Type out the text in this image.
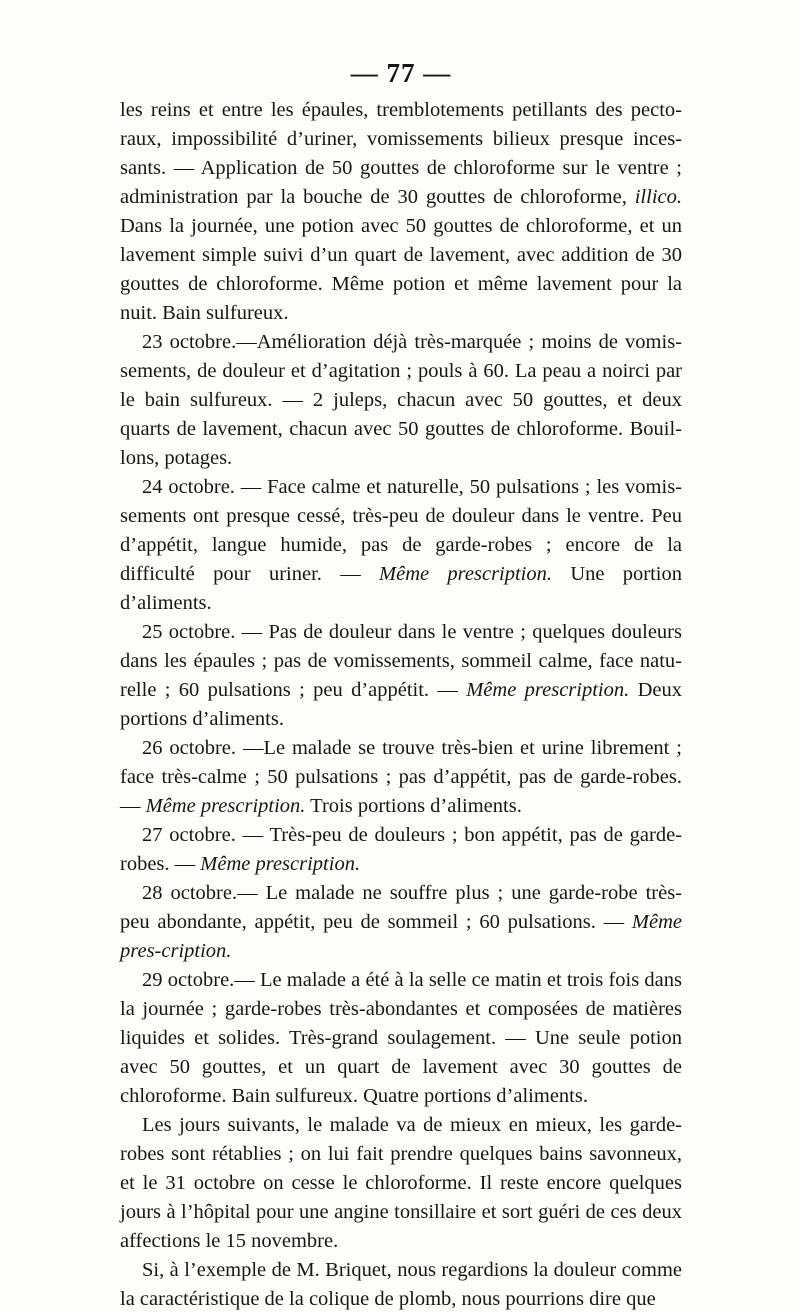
— 77 —

les reins et entre les épaules, tremblotements petillants des pecto-raux, impossibilité d’uriner, vomissements bilieux presque inces-sants. — Application de 50 gouttes de chloroforme sur le ventre ; administration par la bouche de 30 gouttes de chloroforme, illico. Dans la journée, une potion avec 50 gouttes de chloroforme, et un lavement simple suivi d’un quart de lavement, avec addition de 30 gouttes de chloroforme. Même potion et même lavement pour la nuit. Bain sulfureux.

23 octobre.—Amélioration déjà très-marquée ; moins de vomis-sements, de douleur et d’agitation ; pouls à 60. La peau a noirci par le bain sulfureux. — 2 juleps, chacun avec 50 gouttes, et deux quarts de lavement, chacun avec 50 gouttes de chloroforme. Bouil-lons, potages.

24 octobre. — Face calme et naturelle, 50 pulsations ; les vomis-sements ont presque cessé, très-peu de douleur dans le ventre. Peu d’appétit, langue humide, pas de garde-robes ; encore de la difficulté pour uriner. — Même prescription. Une portion d’aliments.

25 octobre. — Pas de douleur dans le ventre ; quelques douleurs dans les épaules ; pas de vomissements, sommeil calme, face natu-relle ; 60 pulsations ; peu d’appétit. — Même prescription. Deux portions d’aliments.

26 octobre. —Le malade se trouve très-bien et urine librement ; face très-calme ; 50 pulsations ; pas d’appétit, pas de garde-robes. — Même prescription. Trois portions d’aliments.

27 octobre. — Très-peu de douleurs ; bon appétit, pas de garde-robes. — Même prescription.

28 octobre.— Le malade ne souffre plus ; une garde-robe très-peu abondante, appétit, peu de sommeil ; 60 pulsations. — Même pres-cription.

29 octobre.— Le malade a été à la selle ce matin et trois fois dans la journée ; garde-robes très-abondantes et composées de matières liquides et solides. Très-grand soulagement. — Une seule potion avec 50 gouttes, et un quart de lavement avec 30 gouttes de chloroforme. Bain sulfureux. Quatre portions d’aliments.

Les jours suivants, le malade va de mieux en mieux, les garde-robes sont rétablies ; on lui fait prendre quelques bains savonneux, et le 31 octobre on cesse le chloroforme. Il reste encore quelques jours à l’hôpital pour une angine tonsillaire et sort guéri de ces deux affections le 15 novembre.

Si, à l’exemple de M. Briquet, nous regardions la douleur comme la caractéristique de la colique de plomb, nous pourrions dire que
